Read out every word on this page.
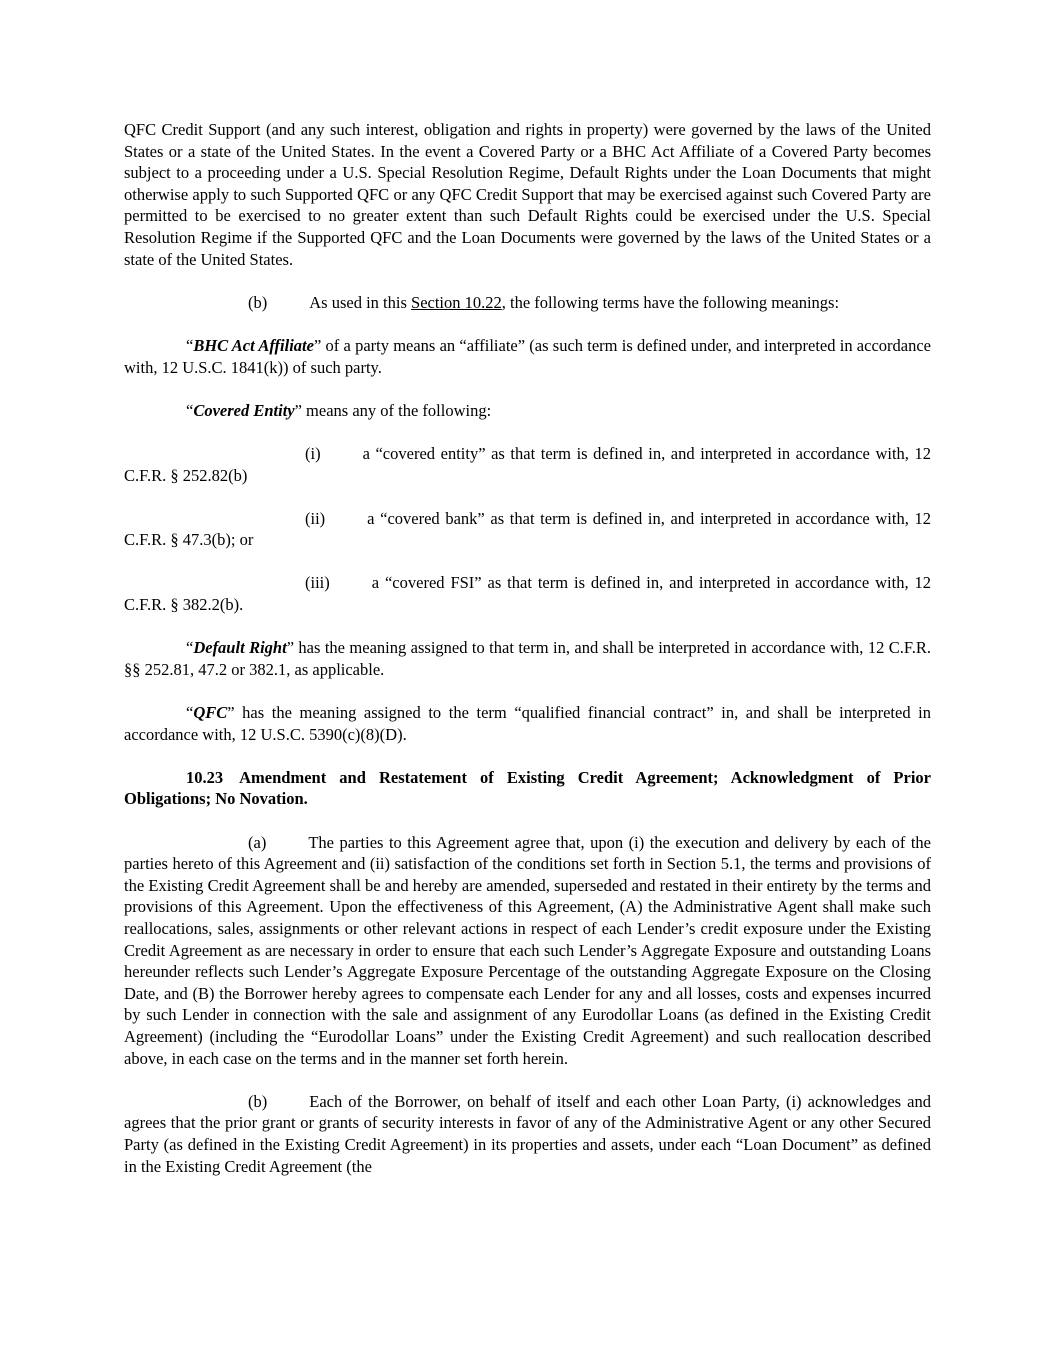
QFC Credit Support (and any such interest, obligation and rights in property) were governed by the laws of the United States or a state of the United States. In the event a Covered Party or a BHC Act Affiliate of a Covered Party becomes subject to a proceeding under a U.S. Special Resolution Regime, Default Rights under the Loan Documents that might otherwise apply to such Supported QFC or any QFC Credit Support that may be exercised against such Covered Party are permitted to be exercised to no greater extent than such Default Rights could be exercised under the U.S. Special Resolution Regime if the Supported QFC and the Loan Documents were governed by the laws of the United States or a state of the United States.

(b)	As used in this Section 10.22, the following terms have the following meanings:

“BHC Act Affiliate” of a party means an “affiliate” (as such term is defined under, and interpreted in accordance with, 12 U.S.C. 1841(k)) of such party.

“Covered Entity” means any of the following:

(i)	a “covered entity” as that term is defined in, and interpreted in accordance with, 12 C.F.R. § 252.82(b)

(ii)	a “covered bank” as that term is defined in, and interpreted in accordance with, 12 C.F.R. § 47.3(b); or

(iii)	a “covered FSI” as that term is defined in, and interpreted in accordance with, 12 C.F.R. § 382.2(b).

“Default Right” has the meaning assigned to that term in, and shall be interpreted in accordance with, 12 C.F.R. §§ 252.81, 47.2 or 382.1, as applicable.

“QFC” has the meaning assigned to the term “qualified financial contract” in, and shall be interpreted in accordance with, 12 U.S.C. 5390(c)(8)(D).

10.23 Amendment and Restatement of Existing Credit Agreement; Acknowledgment of Prior Obligations; No Novation.

(a)	The parties to this Agreement agree that, upon (i) the execution and delivery by each of the parties hereto of this Agreement and (ii) satisfaction of the conditions set forth in Section 5.1, the terms and provisions of the Existing Credit Agreement shall be and hereby are amended, superseded and restated in their entirety by the terms and provisions of this Agreement. Upon the effectiveness of this Agreement, (A) the Administrative Agent shall make such reallocations, sales, assignments or other relevant actions in respect of each Lender’s credit exposure under the Existing Credit Agreement as are necessary in order to ensure that each such Lender’s Aggregate Exposure and outstanding Loans hereunder reflects such Lender’s Aggregate Exposure Percentage of the outstanding Aggregate Exposure on the Closing Date, and (B) the Borrower hereby agrees to compensate each Lender for any and all losses, costs and expenses incurred by such Lender in connection with the sale and assignment of any Eurodollar Loans (as defined in the Existing Credit Agreement) (including the “Eurodollar Loans” under the Existing Credit Agreement) and such reallocation described above, in each case on the terms and in the manner set forth herein.

(b)	Each of the Borrower, on behalf of itself and each other Loan Party, (i) acknowledges and agrees that the prior grant or grants of security interests in favor of any of the Administrative Agent or any other Secured Party (as defined in the Existing Credit Agreement) in its properties and assets, under each “Loan Document” as defined in the Existing Credit Agreement (the
